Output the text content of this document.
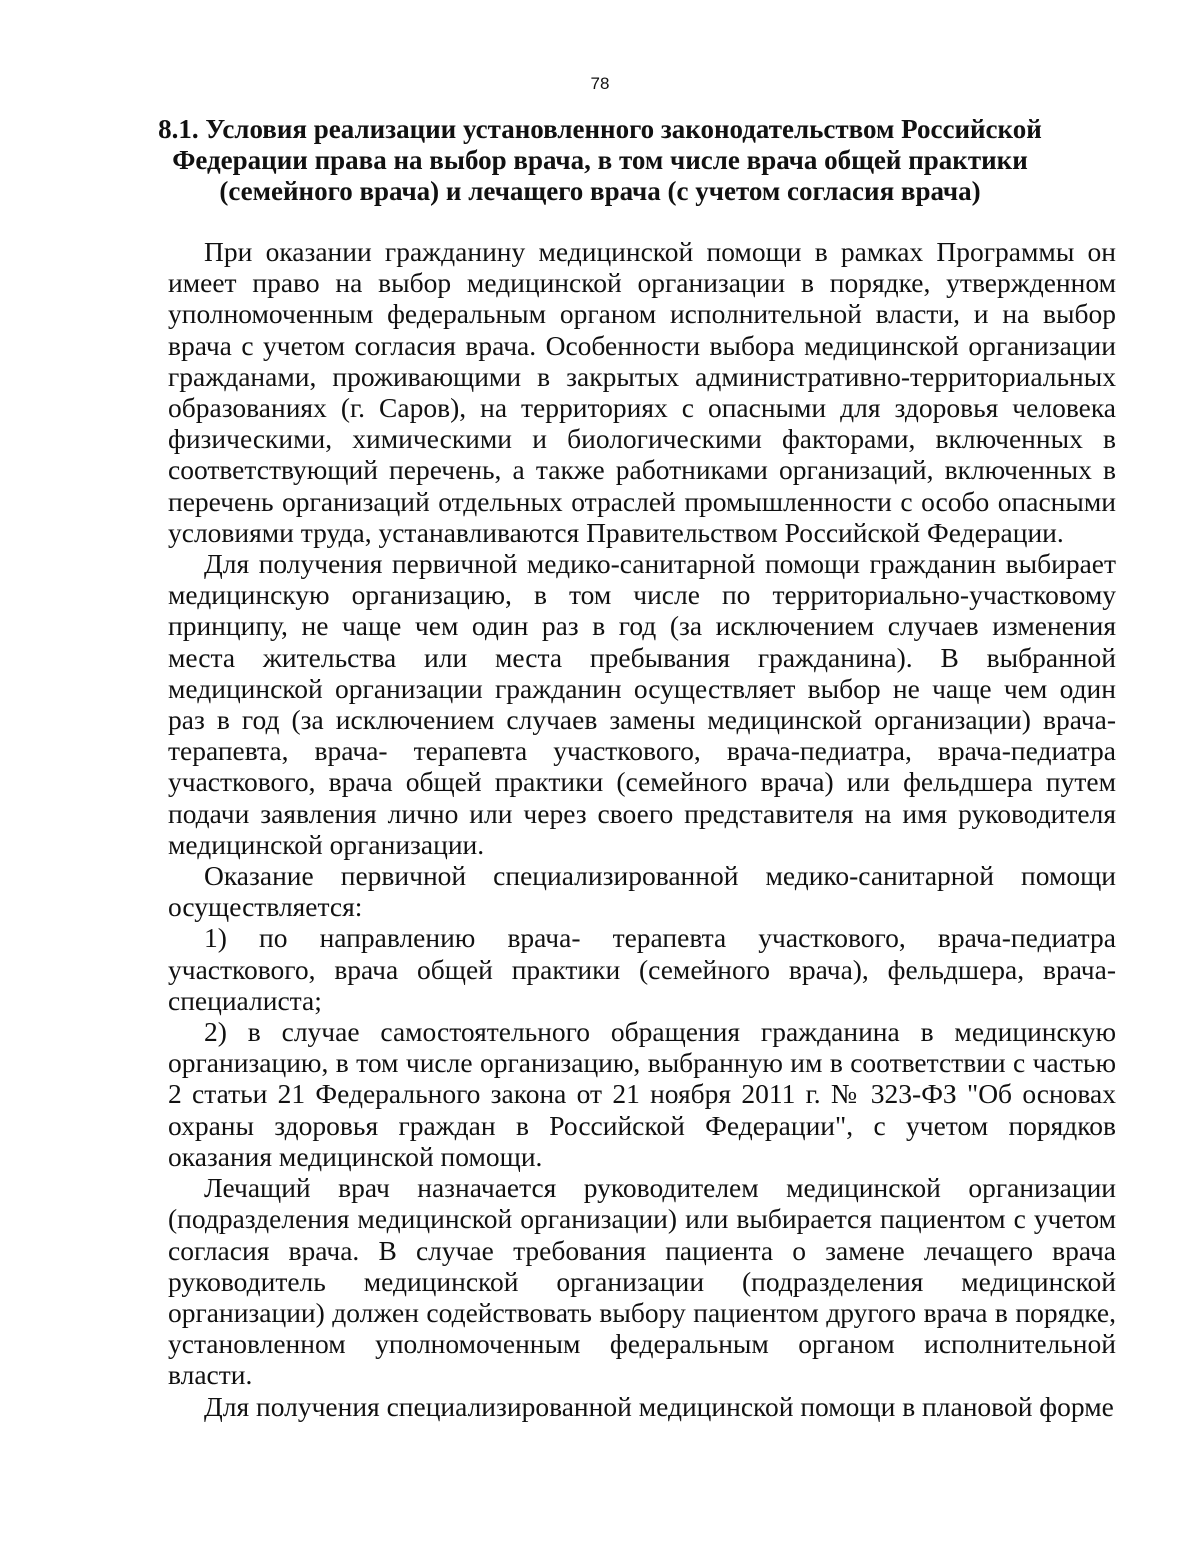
78
8.1. Условия реализации установленного законодательством Российской
Федерации права на выбор врача, в том числе врача общей практики
(семейного врача) и лечащего врача (с учетом согласия врача)

При оказании гражданину медицинской помощи в рамках Программы он имеет право на выбор медицинской организации в порядке, утвержденном уполномоченным федеральным органом исполнительной власти, и на выбор врача с учетом согласия врача. Особенности выбора медицинской организации гражданами, проживающими в закрытых административно-территориальных образованиях (г. Саров), на территориях с опасными для здоровья человека физическими, химическими и биологическими факторами, включенных в соответствующий перечень, а также работниками организаций, включенных в перечень организаций отдельных отраслей промышленности с особо опасными условиями труда, устанавливаются Правительством Российской Федерации.

Для получения первичной медико-санитарной помощи гражданин выбирает медицинскую организацию, в том числе по территориально-участковому принципу, не чаще чем один раз в год (за исключением случаев изменения места жительства или места пребывания гражданина). В выбранной медицинской организации гражданин осуществляет выбор не чаще чем один раз в год (за исключением случаев замены медицинской организации) врача-терапевта, врача- терапевта участкового, врача-педиатра, врача-педиатра участкового, врача общей практики (семейного врача) или фельдшера путем подачи заявления лично или через своего представителя на имя руководителя медицинской организации.

Оказание первичной специализированной медико-санитарной помощи осуществляется:

1) по направлению врача- терапевта участкового, врача-педиатра участкового, врача общей практики (семейного врача), фельдшера, врача-специалиста;

2) в случае самостоятельного обращения гражданина в медицинскую организацию, в том числе организацию, выбранную им в соответствии с частью 2 статьи 21 Федерального закона от 21 ноября 2011 г. № 323-ФЗ "Об основах охраны здоровья граждан в Российской Федерации", с учетом порядков оказания медицинской помощи.

Лечащий врач назначается руководителем медицинской организации (подразделения медицинской организации) или выбирается пациентом с учетом согласия врача. В случае требования пациента о замене лечащего врача руководитель медицинской организации (подразделения медицинской организации) должен содействовать выбору пациентом другого врача в порядке, установленном уполномоченным федеральным органом исполнительной власти.

Для получения специализированной медицинской помощи в плановой форме
